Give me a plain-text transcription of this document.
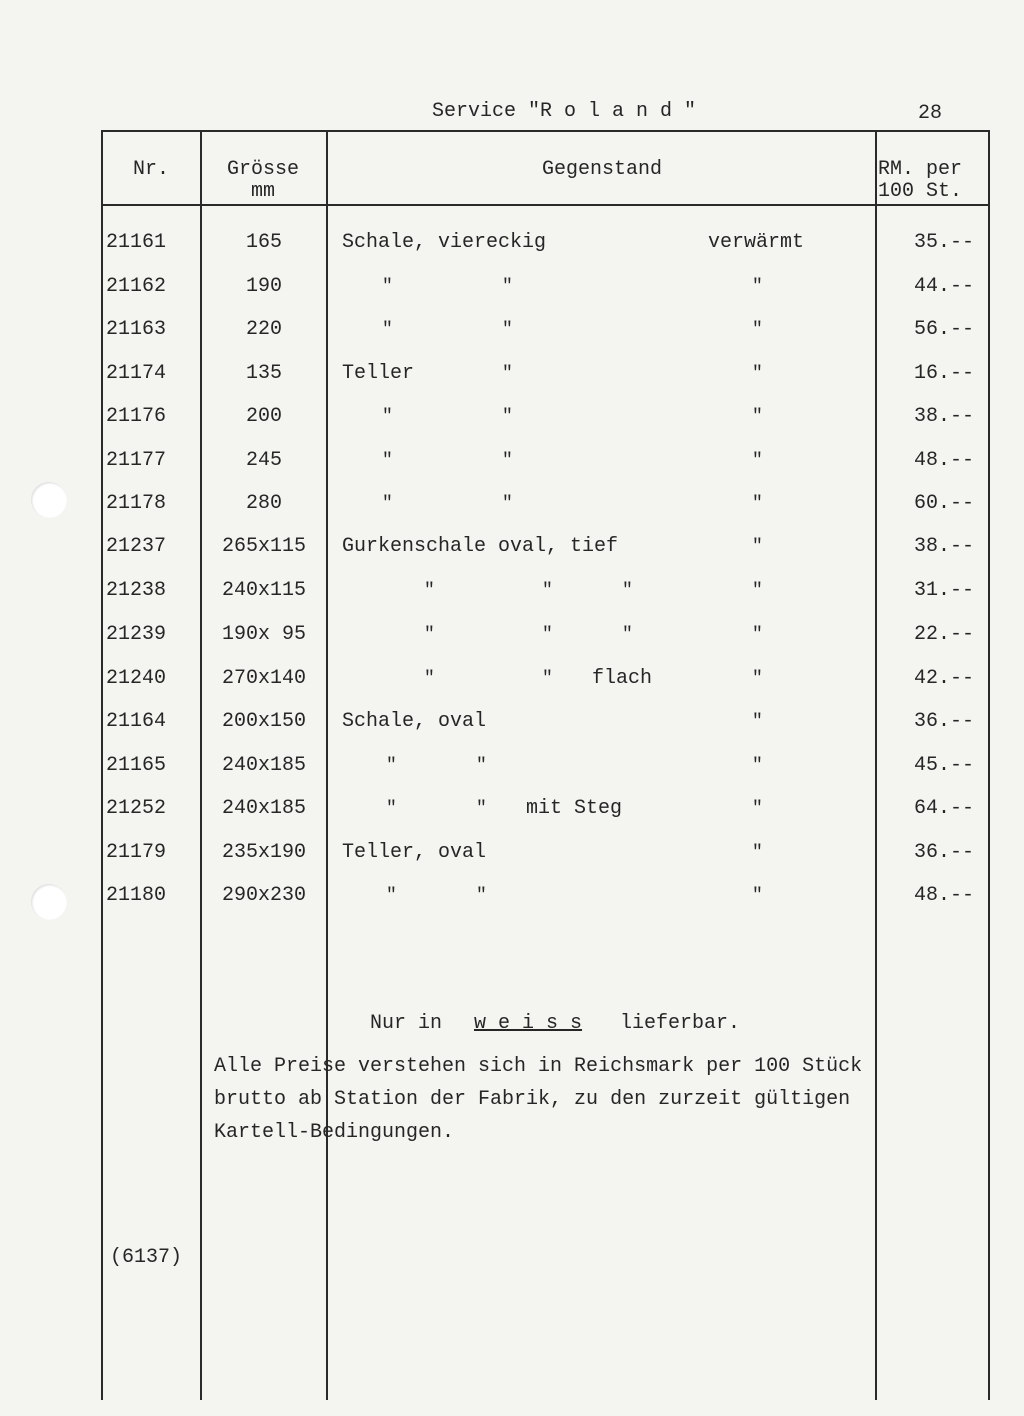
Service "R o l a n d "	28
Nr.	Grösse
mm
Gegenstand	RM. per
100 St.
21161	165	Schale, viereckig	verwärmt	35.--
21162	190	"	"	"	44.--
21163	220	"	"	"	56.--
21174	135	Teller	"	"	16.--
21176	200	"	"	"	38.--
21177	245	"	"	"	48.--
21178	280	"	"	"	60.--
21237	265x115	Gurkenschale oval, tief	"	38.--
21238	240x115	"	"	"	"	31.--
21239	190x 95	"	"	"	"	22.--
21240	270x140	"	" flach	"	42.--
21164	200x150	Schale, oval	"	36.--
21165	240x185	"	"	"	45.--
21252	240x185	"	" mit Steg	"	64.--
21179	235x190	Teller, oval	"	36.--
21180	290x230	"	"	"	48.--
Nur in w e i s s lieferbar.
Alle Preise verstehen sich in Reichsmark per 100 Stück
brutto ab Station der Fabrik, zu den zurzeit gültigen
Kartell-Bedingungen.
(6137)
